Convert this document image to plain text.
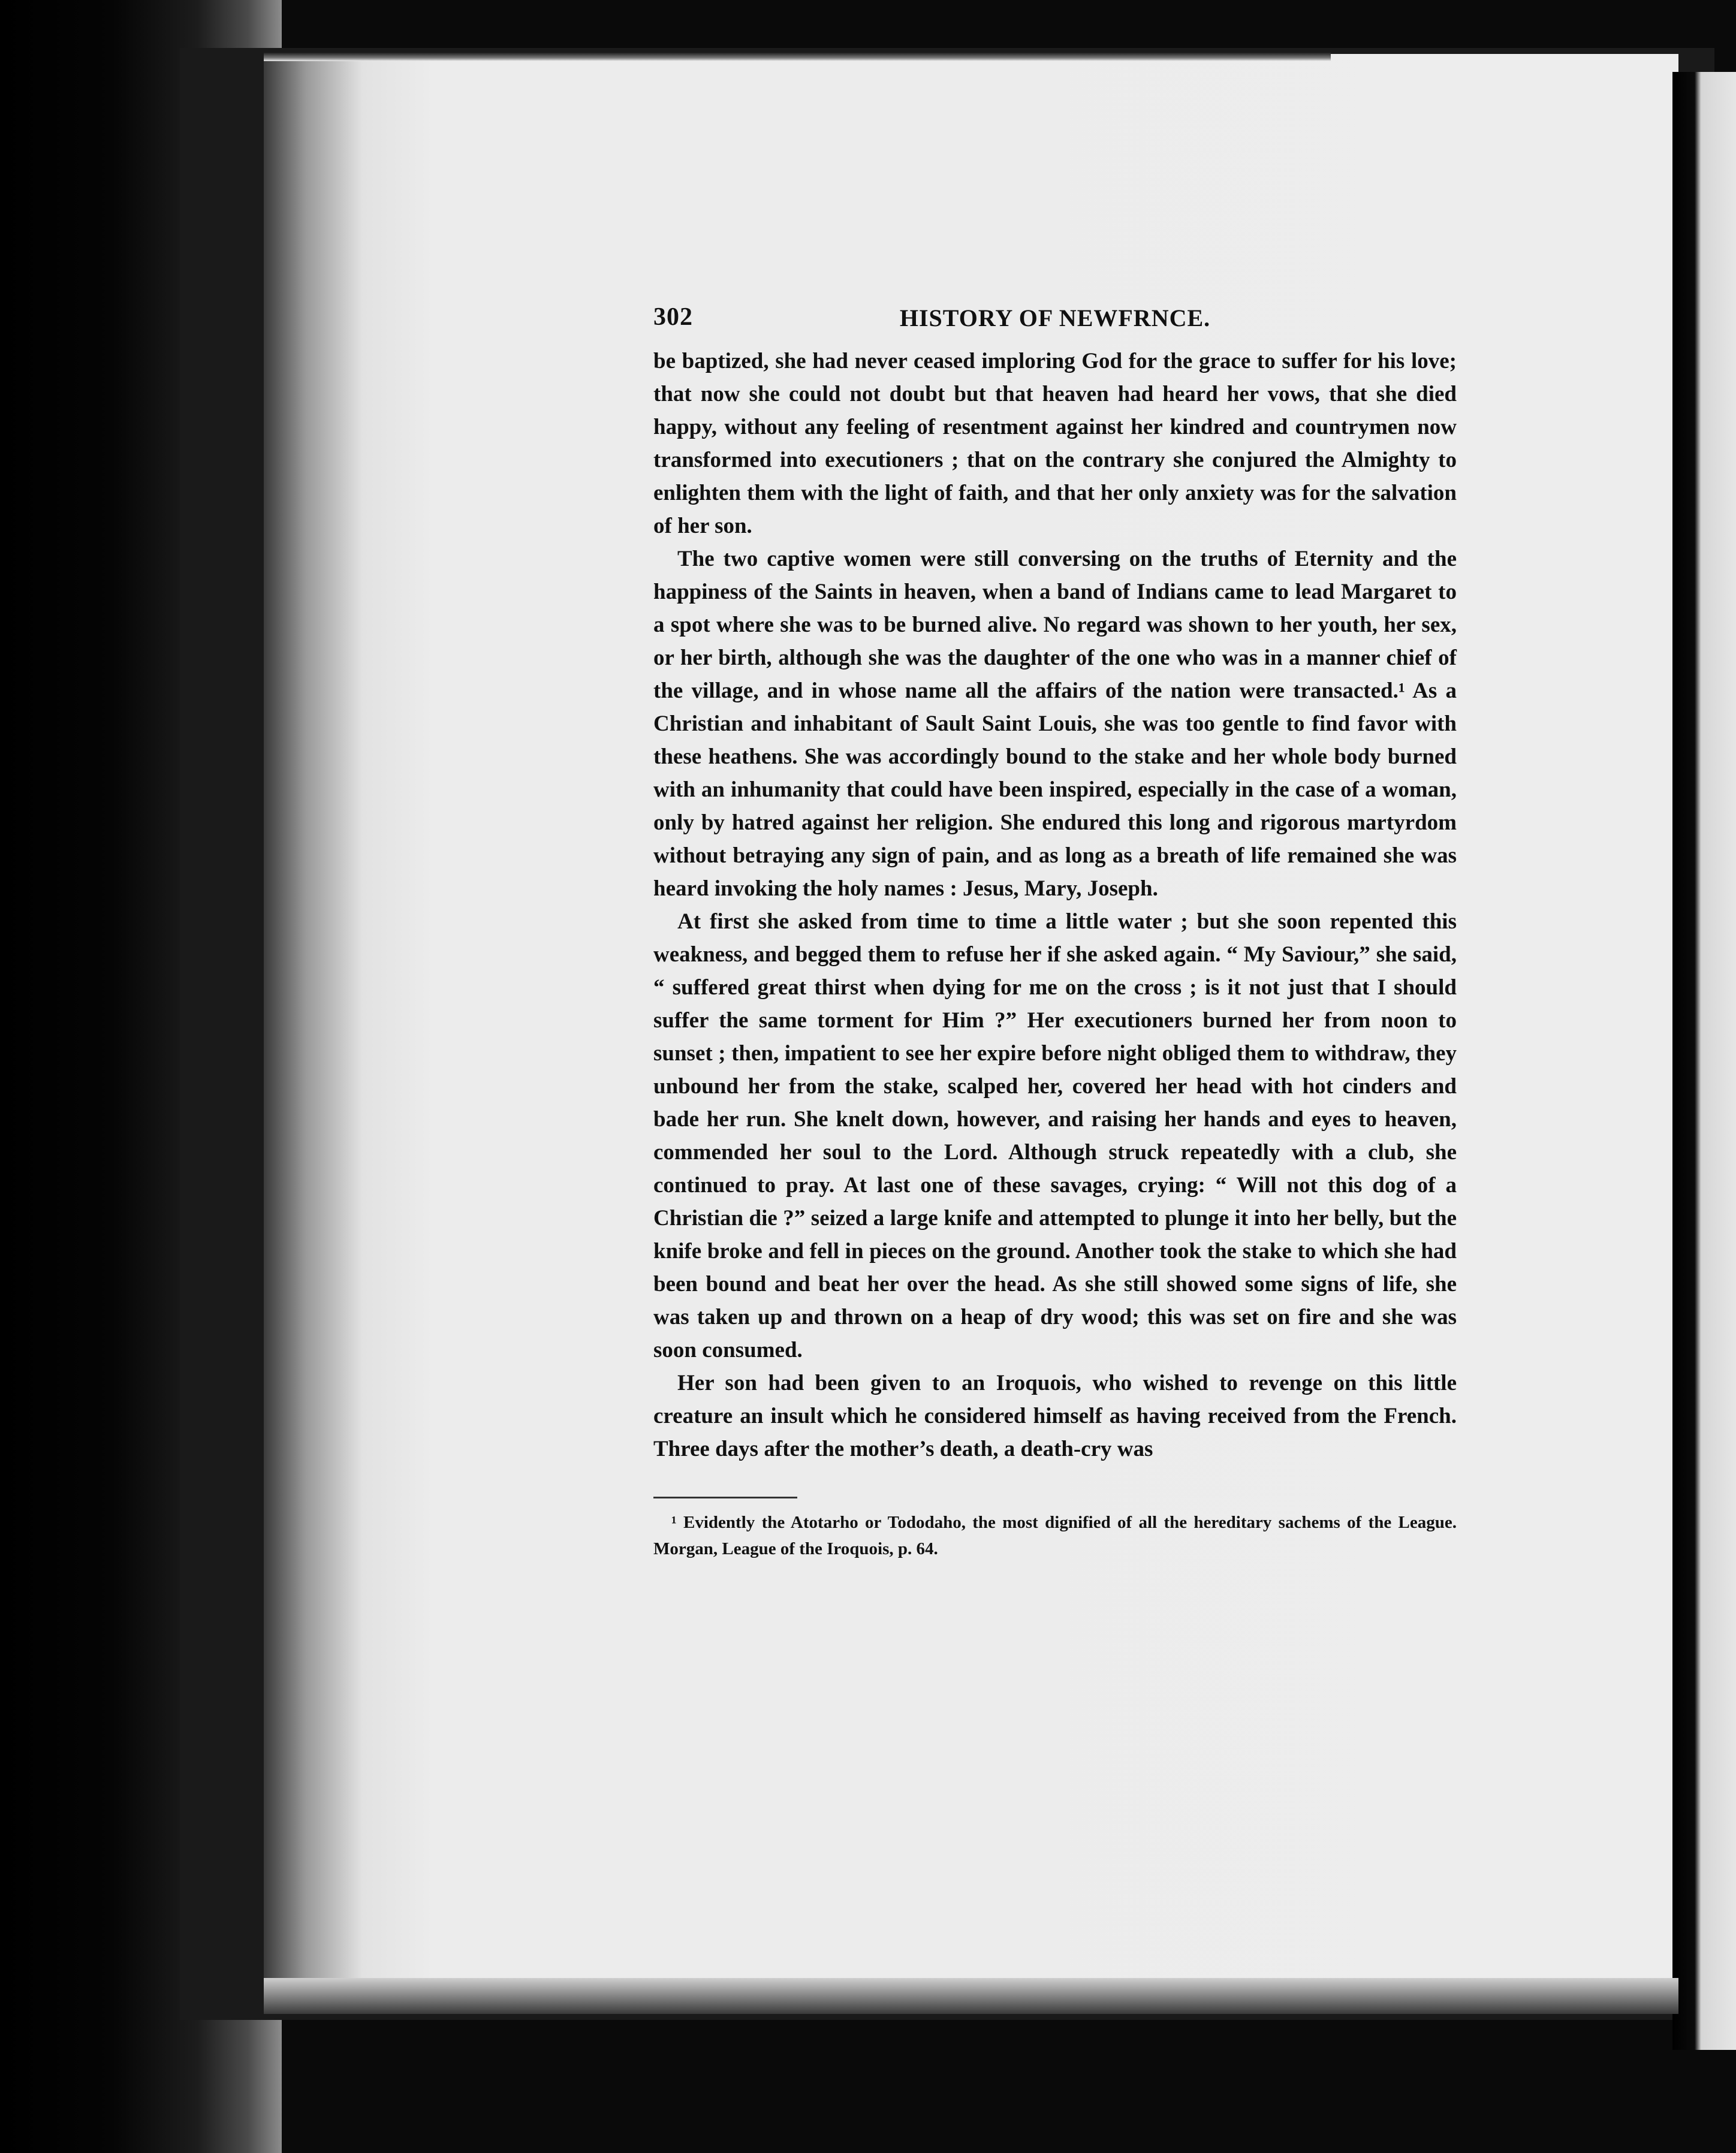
302	HISTORY OF NEWFRNCE.

be baptized, she had never ceased imploring God for the grace to suffer for his love; that now she could not doubt but that heaven had heard her vows, that she died happy, without any feeling of resentment against her kindred and countrymen now transformed into executioners ; that on the contrary she conjured the Almighty to enlighten them with the light of faith, and that her only anxiety was for the salvation of her son.

The two captive women were still conversing on the truths of Eternity and the happiness of the Saints in heaven, when a band of Indians came to lead Margaret to a spot where she was to be burned alive. No regard was shown to her youth, her sex, or her birth, although she was the daughter of the one who was in a manner chief of the village, and in whose name all the affairs of the nation were transacted.¹ As a Christian and inhabitant of Sault Saint Louis, she was too gentle to find favor with these heathens. She was accordingly bound to the stake and her whole body burned with an inhumanity that could have been inspired, especially in the case of a woman, only by hatred against her religion. She endured this long and rigorous martyrdom without betraying any sign of pain, and as long as a breath of life remained she was heard invoking the holy names : Jesus, Mary, Joseph.

At first she asked from time to time a little water ; but she soon repented this weakness, and begged them to refuse her if she asked again. “ My Saviour,” she said, “ suffered great thirst when dying for me on the cross ; is it not just that I should suffer the same torment for Him ?” Her executioners burned her from noon to sunset ; then, impatient to see her expire before night obliged them to withdraw, they unbound her from the stake, scalped her, covered her head with hot cinders and bade her run. She knelt down, however, and raising her hands and eyes to heaven, commended her soul to the Lord. Although struck repeatedly with a club, she continued to pray. At last one of these savages, crying: “ Will not this dog of a Christian die ?” seized a large knife and attempted to plunge it into her belly, but the knife broke and fell in pieces on the ground. Another took the stake to which she had been bound and beat her over the head. As she still showed some signs of life, she was taken up and thrown on a heap of dry wood; this was set on fire and she was soon consumed.

Her son had been given to an Iroquois, who wished to revenge on this little creature an insult which he considered himself as having received from the French. Three days after the mother’s death, a death-cry was

¹ Evidently the Atotarho or Tododaho, the most dignified of all the hereditary sachems of the League. Morgan, League of the Iroquois, p. 64.
